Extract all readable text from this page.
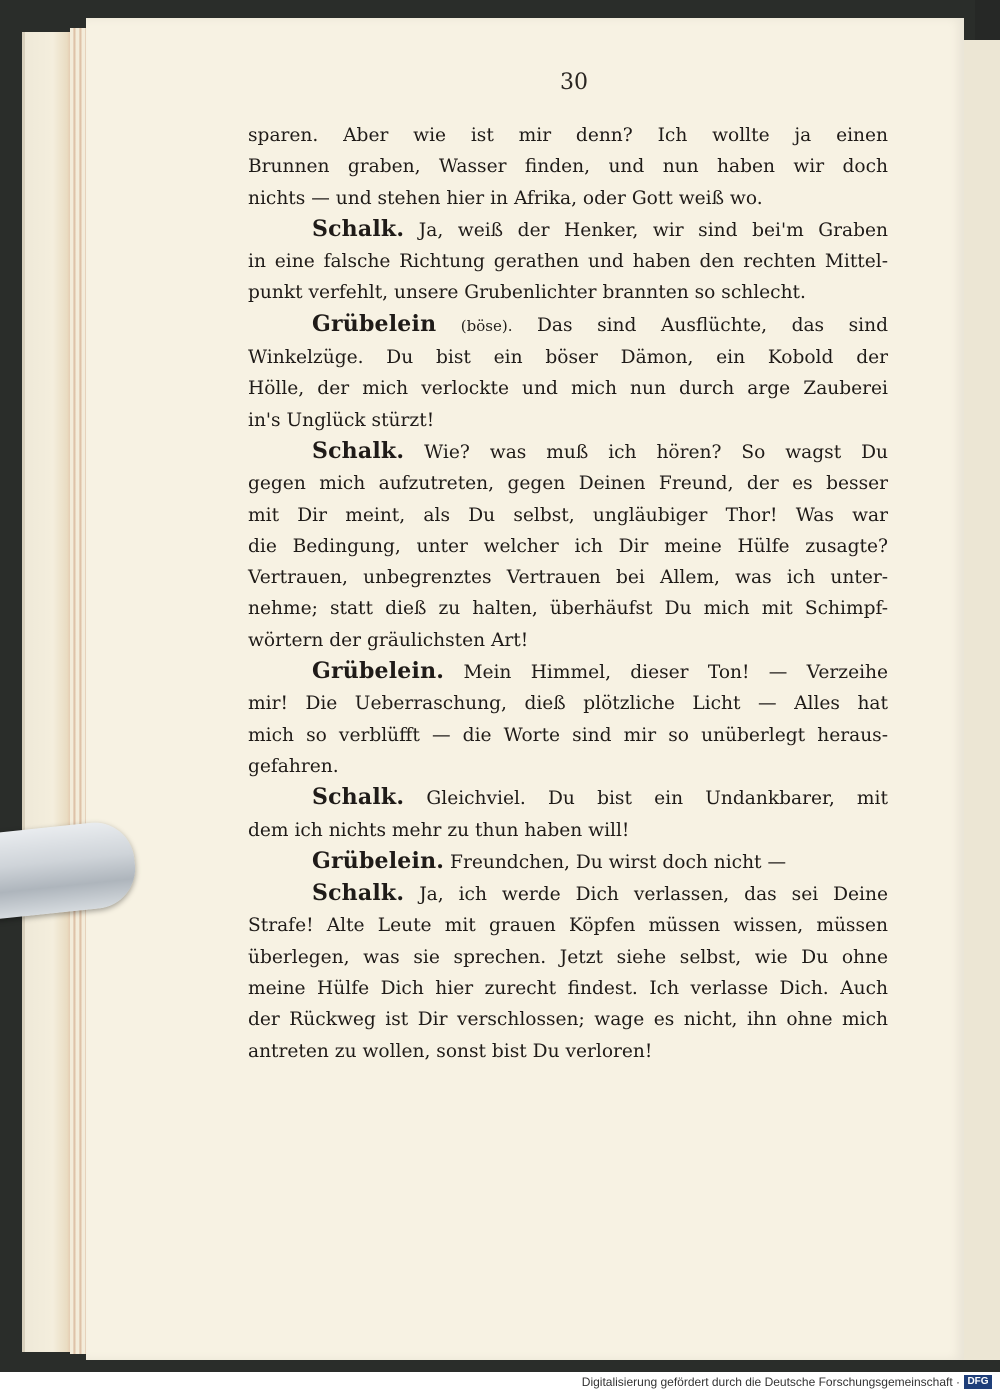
30
sparen. Aber wie ist mir denn? Ich wollte ja einen
Brunnen graben, Wasser finden, und nun haben wir doch
nichts — und stehen hier in Afrika, oder Gott weiß wo.
Schalk. Ja, weiß der Henker, wir sind bei'm Graben
in eine falsche Richtung gerathen und haben den rechten Mittel-
punkt verfehlt, unsere Grubenlichter brannten so schlecht.
Grübelein (böse). Das sind Ausflüchte, das sind
Winkelzüge. Du bist ein böser Dämon, ein Kobold der
Hölle, der mich verlockte und mich nun durch arge Zauberei
in's Unglück stürzt!
Schalk. Wie? was muß ich hören? So wagst Du
gegen mich aufzutreten, gegen Deinen Freund, der es besser
mit Dir meint, als Du selbst, ungläubiger Thor! Was war
die Bedingung, unter welcher ich Dir meine Hülfe zusagte?
Vertrauen, unbegrenztes Vertrauen bei Allem, was ich unter-
nehme; statt dieß zu halten, überhäufst Du mich mit Schimpf-
wörtern der gräulichsten Art!
Grübelein. Mein Himmel, dieser Ton! — Verzeihe
mir! Die Ueberraschung, dieß plötzliche Licht — Alles hat
mich so verblüfft — die Worte sind mir so unüberlegt heraus-
gefahren.
Schalk. Gleichviel. Du bist ein Undankbarer, mit
dem ich nichts mehr zu thun haben will!
Grübelein. Freundchen, Du wirst doch nicht —
Schalk. Ja, ich werde Dich verlassen, das sei Deine
Strafe! Alte Leute mit grauen Köpfen müssen wissen, müssen
überlegen, was sie sprechen. Jetzt siehe selbst, wie Du ohne
meine Hülfe Dich hier zurecht findest. Ich verlasse Dich. Auch
der Rückweg ist Dir verschlossen; wage es nicht, ihn ohne mich
antreten zu wollen, sonst bist Du verloren!
Digitalisierung gefördert durch die Deutsche Forschungsgemeinschaft · DFG
